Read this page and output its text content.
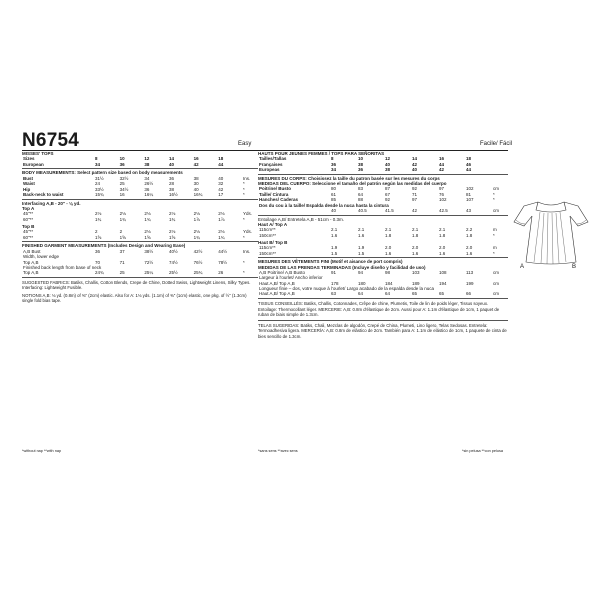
N6754	Easy	Facile/ Fácil
MISSES' TOPS
Sizes	8	10	12	14	16	18	
European	34	36	38	40	42	44	
BODY MEASUREMENTS: Select pattern size based on body measurements
Bust	31½	32½	34	36	38	40	Ins.
Waist	24	25	26½	28	30	32	*
Hip	33½	34½	36	38	40	42	*
Back-neck to waist	15¾	16	16¼	16½	16¾	17	*
Interfacing A,B - 20" - ⅛ yd.
Top A
45"**	2⅛	2⅛	2⅛	2⅛	2⅛	2⅛	Yds.
60"**	1¾	1¾	1¾	1¾	1⅞	1⅞	*
Top B
45"**	2	2	2⅛	2⅛	2⅛	2⅛	Yds.
60"**	1⅝	1⅝	1⅝	1⅝	1¾	1¾	*
FINISHED GARMENT MEASUREMENTS (Includes Design and Wearing Ease)
A,B Bust	36	37	38½	40½	42½	44½	Ins.
Width, lower edge							
Top A,B	70	71	72½	74½	76½	78½	*
Finished back length from base of neck							
Top A,B	24¾	25	25¼	25½	25¾	26	*
SUGGESTED FABRICS: Batiks, Challis, Cotton Blends, Crepe de Chine, Dotted Swiss, Lightweight Linens, Silky Types. Interfacing: Lightweight Fusible.
NOTIONS A,B: ⅛ yd. (0.8m) of ⅜" (2cm) elastic. Also for A: 1⅛ yds. (1.1m) of ⅜" (1cm) elastic, one pkg. of ½" (1.3cm) single fold bias tape.
*without nap **with nap
HAUTS POUR JEUNES FEMMES / TOPS PARA SEÑORITAS
Tailles/Tallas	8	10	12	14	16	18	
Françaises	36	38	40	42	44	46	
Europeas	34	36	38	40	42	44	
MESURES DU CORPS: Choisissez la taille du patron basée sur les mesures du corps
MEDIDAS DEL CUERPO: Seleccione el tamaño del patrón según las medidas del cuerpo
Poitrine/ Busto	80	83	87	92	97	102	cm
Taille/ Cintura	61	64	67	71	76	81	*
Hanches/ Caderas	85	88	92	97	102	107	*
Dos du cou à la taille/ Espalda desde la nuca hasta la cintura							
	40	40.5	41.5	42	42.5	43	cm
Entoilage A,B/ Entretela A,B - 51cm - 0.3m.
Haut A/ Top A
115cm**	2.1	2.1	2.1	2.1	2.1	2.2	m
150cm**	1.6	1.6	1.8	1.8	1.8	1.8	*
Haut B/ Top B
115cm**	1.9	1.9	2.0	2.0	2.0	2.0	m
150cm**	1.5	1.5	1.6	1.6	1.6	1.6	*
MESURES DES VÊTEMENTS FINI (Motif et aisance de port compris)
MEDIDAS DE LAS PRENDAS TERMINADAS (Incluye diseño y facilidad de uso)
A,B Poitrine/ A,B Busto	91	94	98	103	108	113	cm
Largeur à l'ourlet/ Ancho inferior							
Haut A,B/ Top A,B	178	180	184	189	194	199	cm
Longueur finie – dos, votre nuque à l'ourlet/ Largo acabado de la espalda desde la nuca							
Haut A,B/ Top A,B	63	64	64	65	65	66	cm
TISSUS CONSEILLÉS: Batiks, Challis, Cotonnades, Crêpe de chine, Plumetis, Toile de lin de poids léger, Tissus soyeux. Entoilage: Thermocollant léger. MERCERIE: A,B: 0.8m d'élastique de 2cm. Aussi pour A: 1.1m d'élastique de 1cm, 1 paquet de ruban de biais simple de 1.3cm.
TELAS SUGERIDAS: Batiks, Chali, Mezclas de algodón, Crepé de China, Plumeti, Lino ligero, Telas Sedosas. Entretela: Termoadhesiva ligera. MERCERÍA: A,B: 0.8m de elástico de 2cm. También para A: 1.1m de elástico de 1cm, 1 paquete de cinta de bies sencillo de 1.3cm.
*sans sens **avec sens	*sin pelusa **con pelusa
A	B
